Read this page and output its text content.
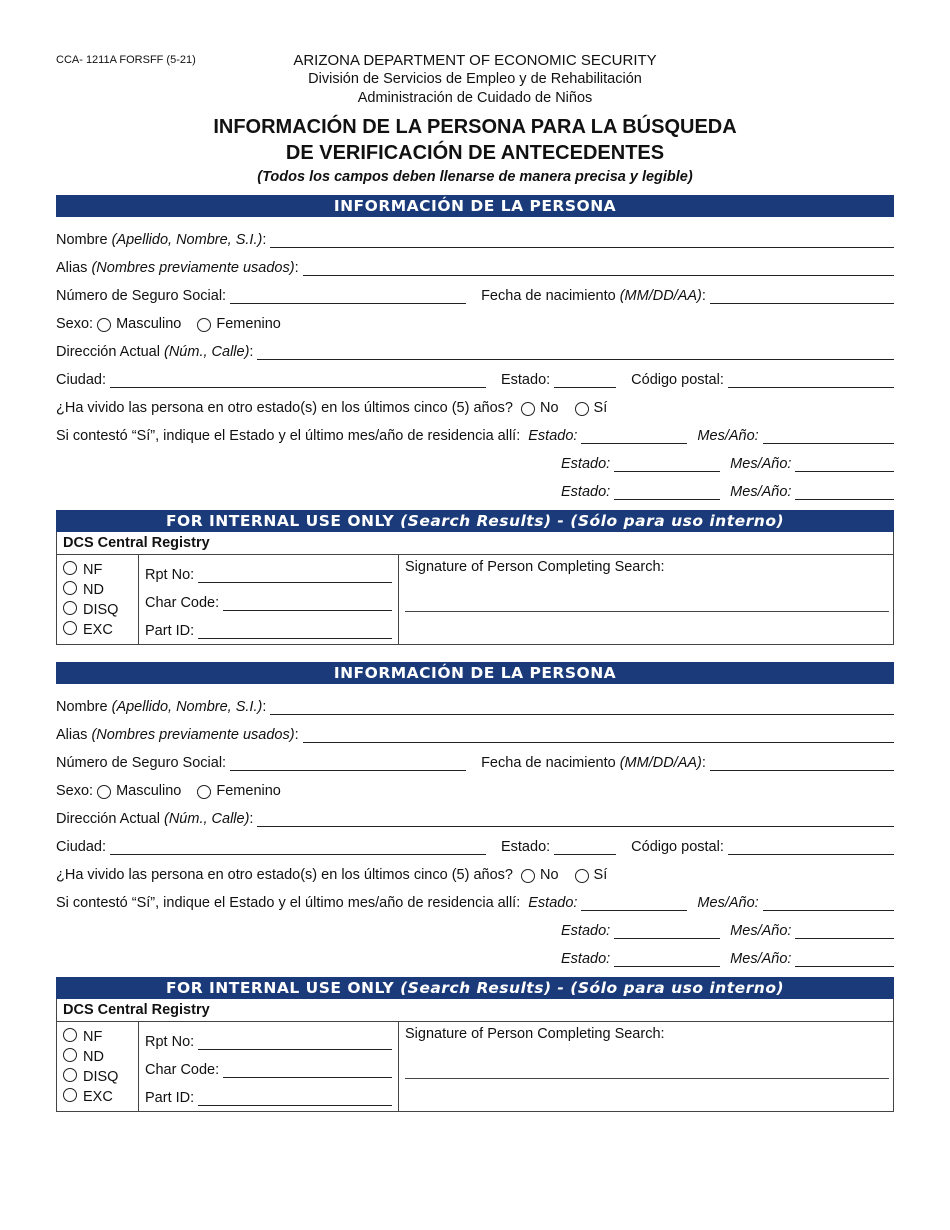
CCA- 1211A FORSFF (5-21)	ARIZONA DEPARTMENT OF ECONOMIC SECURITY
División de Servicios de Empleo y de Rehabilitación
Administración de Cuidado de Niños
INFORMACIÓN DE LA PERSONA PARA LA BÚSQUEDA
DE VERIFICACIÓN DE ANTECEDENTES
(Todos los campos deben llenarse de manera precisa y legible)
INFORMACIÓN DE LA PERSONA
Nombre (Apellido, Nombre, S.I.):
Alias (Nombres previamente usados):
Número de Seguro Social:	Fecha de nacimiento (MM/DD/AA):
Sexo: Masculino Femenino
Dirección Actual (Núm., Calle):
Ciudad:	Estado:	Código postal:
¿Ha vivido las persona en otro estado(s) en los últimos cinco (5) años? No Sí
Si contestó “Sí”, indique el Estado y el último mes/año de residencia allí: Estado:	Mes/Año:
Estado:	Mes/Año:
Estado:	Mes/Año:
FOR INTERNAL USE ONLY (Search Results) - (Sólo para uso interno)
DCS Central Registry
NF
ND
DISQ
EXC
Rpt No:
Char Code:
Part ID:
Signature of Person Completing Search:
INFORMACIÓN DE LA PERSONA
Nombre (Apellido, Nombre, S.I.):
Alias (Nombres previamente usados):
Número de Seguro Social:	Fecha de nacimiento (MM/DD/AA):
Sexo: Masculino Femenino
Dirección Actual (Núm., Calle):
Ciudad:	Estado:	Código postal:
¿Ha vivido las persona en otro estado(s) en los últimos cinco (5) años? No Sí
Si contestó “Sí”, indique el Estado y el último mes/año de residencia allí: Estado:	Mes/Año:
Estado:	Mes/Año:
Estado:	Mes/Año:
FOR INTERNAL USE ONLY (Search Results) - (Sólo para uso interno)
DCS Central Registry
NF
ND
DISQ
EXC
Rpt No:
Char Code:
Part ID:
Signature of Person Completing Search:
